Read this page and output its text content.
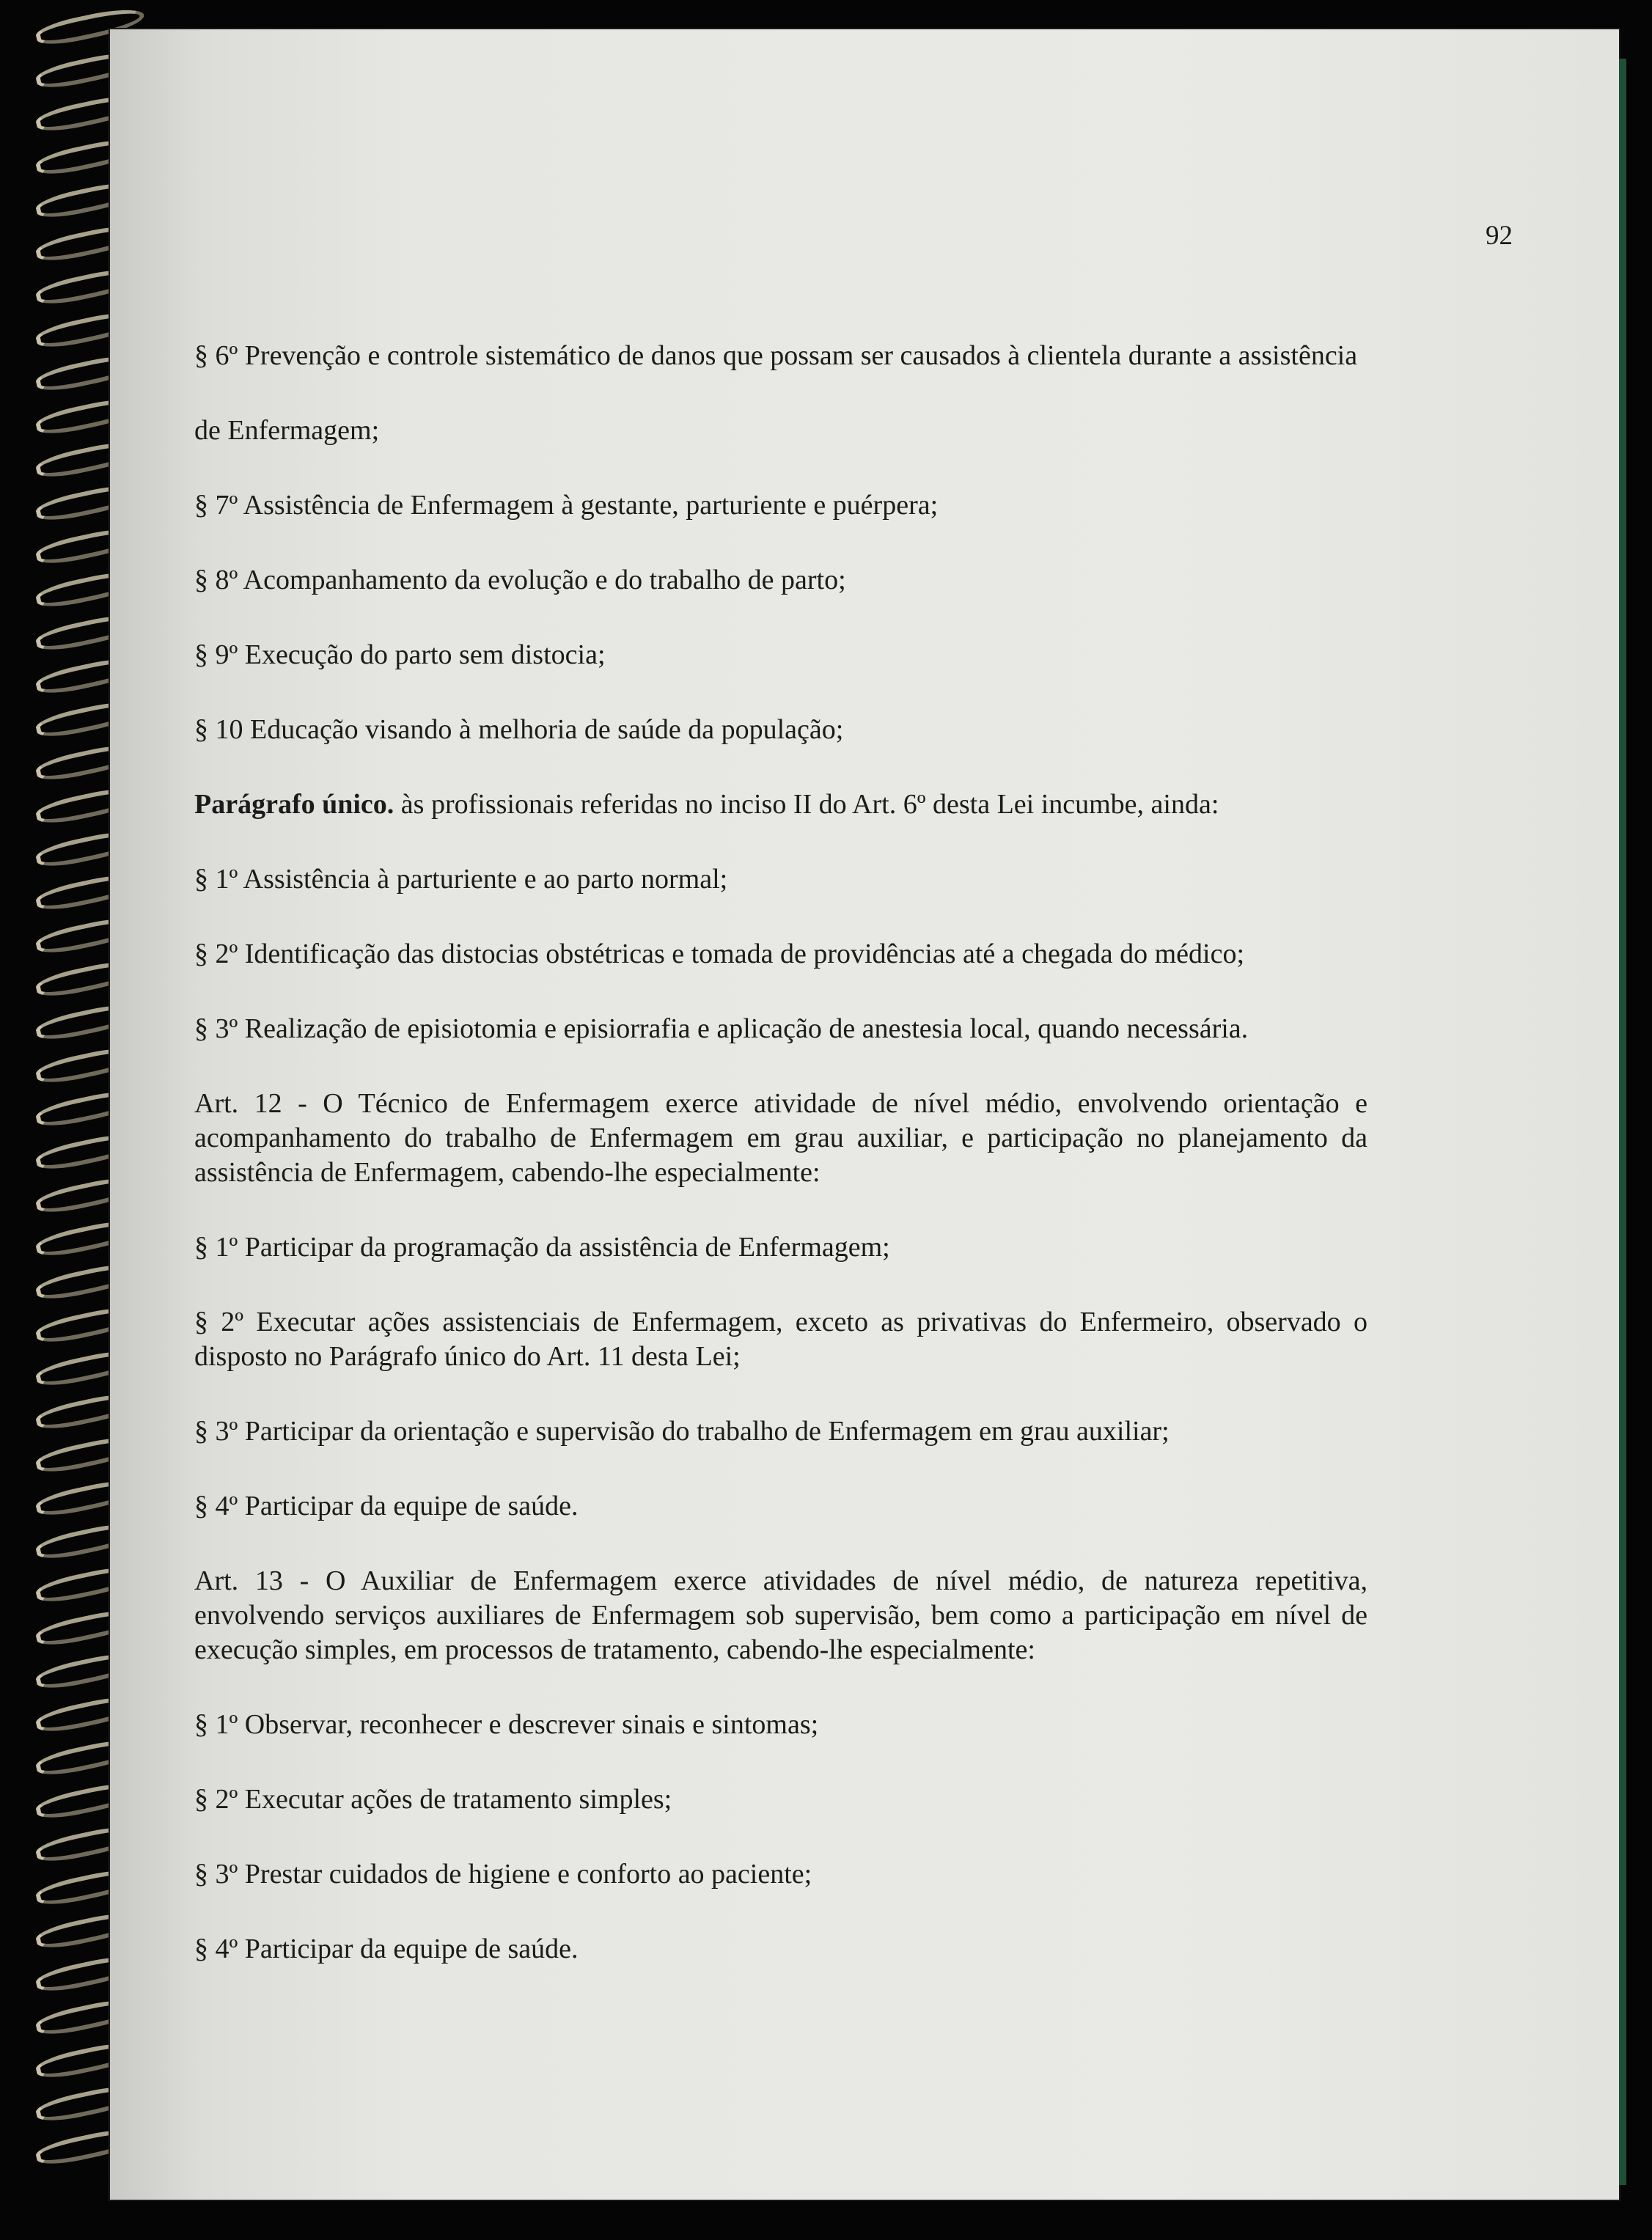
92

§ 6º Prevenção e controle sistemático de danos que possam ser causados à clientela durante a assistência

de Enfermagem;

§ 7º Assistência de Enfermagem à gestante, parturiente e puérpera;

§ 8º Acompanhamento da evolução e do trabalho de parto;

§ 9º Execução do parto sem distocia;

§ 10 Educação visando à melhoria de saúde da população;

Parágrafo único. às profissionais referidas no inciso II do Art. 6º desta Lei incumbe, ainda:

§ 1º Assistência à parturiente e ao parto normal;

§ 2º Identificação das distocias obstétricas e tomada de providências até a chegada do médico;

§ 3º Realização de episiotomia e episiorrafia e aplicação de anestesia local, quando necessária.

Art. 12 - O Técnico de Enfermagem exerce atividade de nível médio, envolvendo orientação e acompanhamento do trabalho de Enfermagem em grau auxiliar, e participação no planejamento da assistência de Enfermagem, cabendo-lhe especialmente:

§ 1º Participar da programação da assistência de Enfermagem;

§ 2º Executar ações assistenciais de Enfermagem, exceto as privativas do Enfermeiro, observado o disposto no Parágrafo único do Art. 11 desta Lei;

§ 3º Participar da orientação e supervisão do trabalho de Enfermagem em grau auxiliar;

§ 4º Participar da equipe de saúde.

Art. 13 - O Auxiliar de Enfermagem exerce atividades de nível médio, de natureza repetitiva, envolvendo serviços auxiliares de Enfermagem sob supervisão, bem como a participação em nível de execução simples, em processos de tratamento, cabendo-lhe especialmente:

§ 1º Observar, reconhecer e descrever sinais e sintomas;

§ 2º Executar ações de tratamento simples;

§ 3º Prestar cuidados de higiene e conforto ao paciente;

§ 4º Participar da equipe de saúde.
